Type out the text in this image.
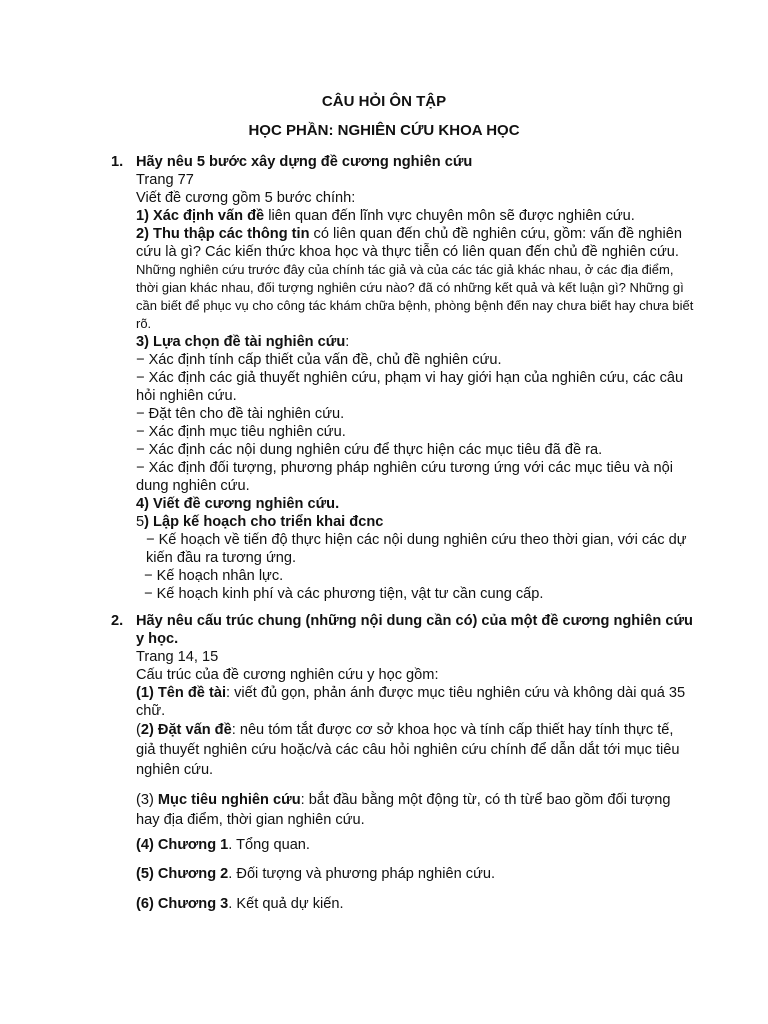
CÂU HỎI ÔN TẬP
HỌC PHẦN: NGHIÊN CỨU KHOA HỌC
1. Hãy nêu 5 bước xây dựng đề cương nghiên cứu

Trang 77

Viết đề cương gồm 5 bước chính:

1) Xác định vấn đề liên quan đến lĩnh vực chuyên môn sẽ được nghiên cứu.

2) Thu thập các thông tin có liên quan đến chủ đề nghiên cứu, gồm: vấn đề nghiên cứu là gì? Các kiến thức khoa học và thực tiễn có liên quan đến chủ đề nghiên cứu. Những nghiên cứu trước đây của chính tác giả và của các tác giả khác nhau, ở các địa điểm, thời gian khác nhau, đối tượng nghiên cứu nào? đã có những kết quả và kết luận gì? Những gì cần biết để phục vụ cho công tác khám chữa bệnh, phòng bệnh đến nay chưa biết hay chưa biết rõ.

3) Lựa chọn đề tài nghiên cứu:

− Xác định tính cấp thiết của vấn đề, chủ đề nghiên cứu.

− Xác định các giả thuyết nghiên cứu, phạm vi hay giới hạn của nghiên cứu, các câu hỏi nghiên cứu.

− Đặt tên cho đề tài nghiên cứu.

− Xác định mục tiêu nghiên cứu.

− Xác định các nội dung nghiên cứu để thực hiện các mục tiêu đã đề ra.

− Xác định đối tượng, phương pháp nghiên cứu tương ứng với các mục tiêu và nội dung nghiên cứu.

4) Viết đề cương nghiên cứu.

5) Lập kế hoạch cho triển khai đcnc

− Kế hoạch về tiến độ thực hiện các nội dung nghiên cứu theo thời gian, với các dự kiến đầu ra tương ứng.

− Kế hoạch nhân lực.

− Kế hoạch kinh phí và các phương tiện, vật tư cần cung cấp.

2. Hãy nêu cấu trúc chung (những nội dung cần có) của một đề cương nghiên cứu y học.

Trang 14, 15

Cấu trúc của đề cương nghiên cứu y học gồm:

(1) Tên đề tài: viết đủ gọn, phản ánh được mục tiêu nghiên cứu và không dài quá 35 chữ.

(2) Đặt vấn đề: nêu tóm tắt được cơ sở khoa học và tính cấp thiết hay tính thực tế, giả thuyết nghiên cứu hoặc/và các câu hỏi nghiên cứu chính để dẫn dắt tới mục tiêu nghiên cứu.

(3) Mục tiêu nghiên cứu: bắt đầu bằng một động từ, có th từể bao gồm đối tượng hay địa điểm, thời gian nghiên cứu.

(4) Chương 1. Tổng quan.
(5) Chương 2. Đối tượng và phương pháp nghiên cứu.
(6) Chương 3. Kết quả dự kiến.
